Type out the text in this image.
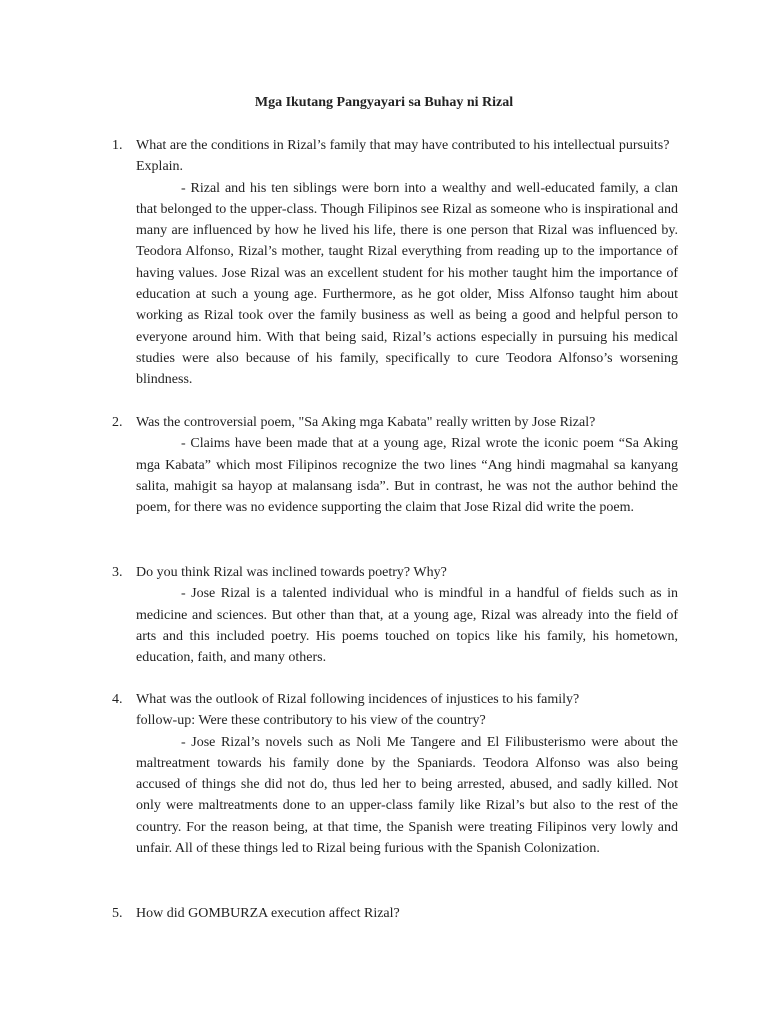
Mga Ikutang Pangyayari sa Buhay ni Rizal
1. What are the conditions in Rizal’s family that may have contributed to his intellectual pursuits? Explain.

- Rizal and his ten siblings were born into a wealthy and well-educated family, a clan that belonged to the upper-class. Though Filipinos see Rizal as someone who is inspirational and many are influenced by how he lived his life, there is one person that Rizal was influenced by. Teodora Alfonso, Rizal’s mother, taught Rizal everything from reading up to the importance of having values. Jose Rizal was an excellent student for his mother taught him the importance of education at such a young age. Furthermore, as he got older, Miss Alfonso taught him about working as Rizal took over the family business as well as being a good and helpful person to everyone around him. With that being said, Rizal’s actions especially in pursuing his medical studies were also because of his family, specifically to cure Teodora Alfonso’s worsening blindness.

2. Was the controversial poem, "Sa Aking mga Kabata" really written by Jose Rizal?

- Claims have been made that at a young age, Rizal wrote the iconic poem “Sa Aking mga Kabata” which most Filipinos recognize the two lines “Ang hindi magmahal sa kanyang salita, mahigit sa hayop at malansang isda”. But in contrast, he was not the author behind the poem, for there was no evidence supporting the claim that Jose Rizal did write the poem.

3. Do you think Rizal was inclined towards poetry? Why?

- Jose Rizal is a talented individual who is mindful in a handful of fields such as in medicine and sciences. But other than that, at a young age, Rizal was already into the field of arts and this included poetry. His poems touched on topics like his family, his hometown, education, faith, and many others.

4. What was the outlook of Rizal following incidences of injustices to his family?

follow-up: Were these contributory to his view of the country?

- Jose Rizal’s novels such as Noli Me Tangere and El Filibusterismo were about the maltreatment towards his family done by the Spaniards. Teodora Alfonso was also being accused of things she did not do, thus led her to being arrested, abused, and sadly killed. Not only were maltreatments done to an upper-class family like Rizal’s but also to the rest of the country. For the reason being, at that time, the Spanish were treating Filipinos very lowly and unfair. All of these things led to Rizal being furious with the Spanish Colonization.

5. How did GOMBURZA execution affect Rizal?
